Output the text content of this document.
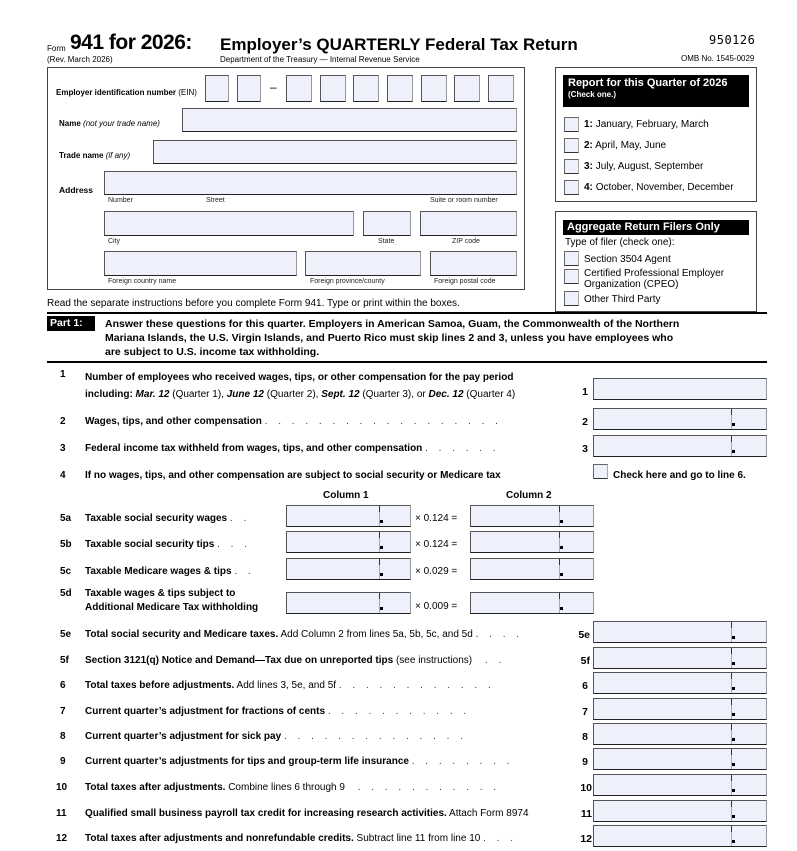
Form 941 for 2026:
(Rev. March 2026)
Employer’s QUARTERLY Federal Tax Return
Department of the Treasury — Internal Revenue Service
950126
OMB No. 1545-0029
Employer identification number (EIN)	–
Name (not your trade name)
Trade name (if any)
Address
Number	Street	Suite or room number
City	State	ZIP code
Foreign country name	Foreign province/county	Foreign postal code
Report for this Quarter of 2026
(Check one.)
1: January, February, March
2: April, May, June
3: July, August, September
4: October, November, December
Aggregate Return Filers Only
Type of filer (check one):
Section 3504 Agent
Certified Professional Employer
Organization (CPEO)
Other Third Party
Read the separate instructions before you complete Form 941. Type or print within the boxes.
Part 1:	Answer these questions for this quarter. Employers in American Samoa, Guam, the Commonwealth of the Northern
Mariana Islands, the U.S. Virgin Islands, and Puerto Rico must skip lines 2 and 3, unless you have employees who
are subject to U.S. income tax withholding.
1 Number of employees who received wages, tips, or other compensation for the pay period
including: Mar. 12 (Quarter 1), June 12 (Quarter 2), Sept. 12 (Quarter 3), or Dec. 12 (Quarter 4)	1
2 Wages, tips, and other compensation . . . . . . . . . . . . . . . . . .	2
3 Federal income tax withheld from wages, tips, and other compensation . . . . . .	3
4 If no wages, tips, and other compensation are subject to social security or Medicare tax	Check here and go to line 6.
Column 1	Column 2
5a Taxable social security wages . .	× 0.124 =
5b Taxable social security tips . . .	× 0.124 =
5c Taxable Medicare wages & tips . .	× 0.029 =
5d Taxable wages & tips subject to
Additional Medicare Tax withholding	× 0.009 =
5e Total social security and Medicare taxes. Add Column 2 from lines 5a, 5b, 5c, and 5d . . . .	5e
5f Section 3121(q) Notice and Demand—Tax due on unreported tips (see instructions) . .	5f
6 Total taxes before adjustments. Add lines 3, 5e, and 5f . . . . . . . . . . . .	6
7 Current quarter’s adjustment for fractions of cents . . . . . . . . . . .	7
8 Current quarter’s adjustment for sick pay . . . . . . . . . . . . . .	8
9 Current quarter’s adjustments for tips and group-term life insurance . . . . . . . .	9
10 Total taxes after adjustments. Combine lines 6 through 9 . . . . . . . . . . .	10
11 Qualified small business payroll tax credit for increasing research activities. Attach Form 8974	11
12 Total taxes after adjustments and nonrefundable credits. Subtract line 11 from line 10 . . .	12
